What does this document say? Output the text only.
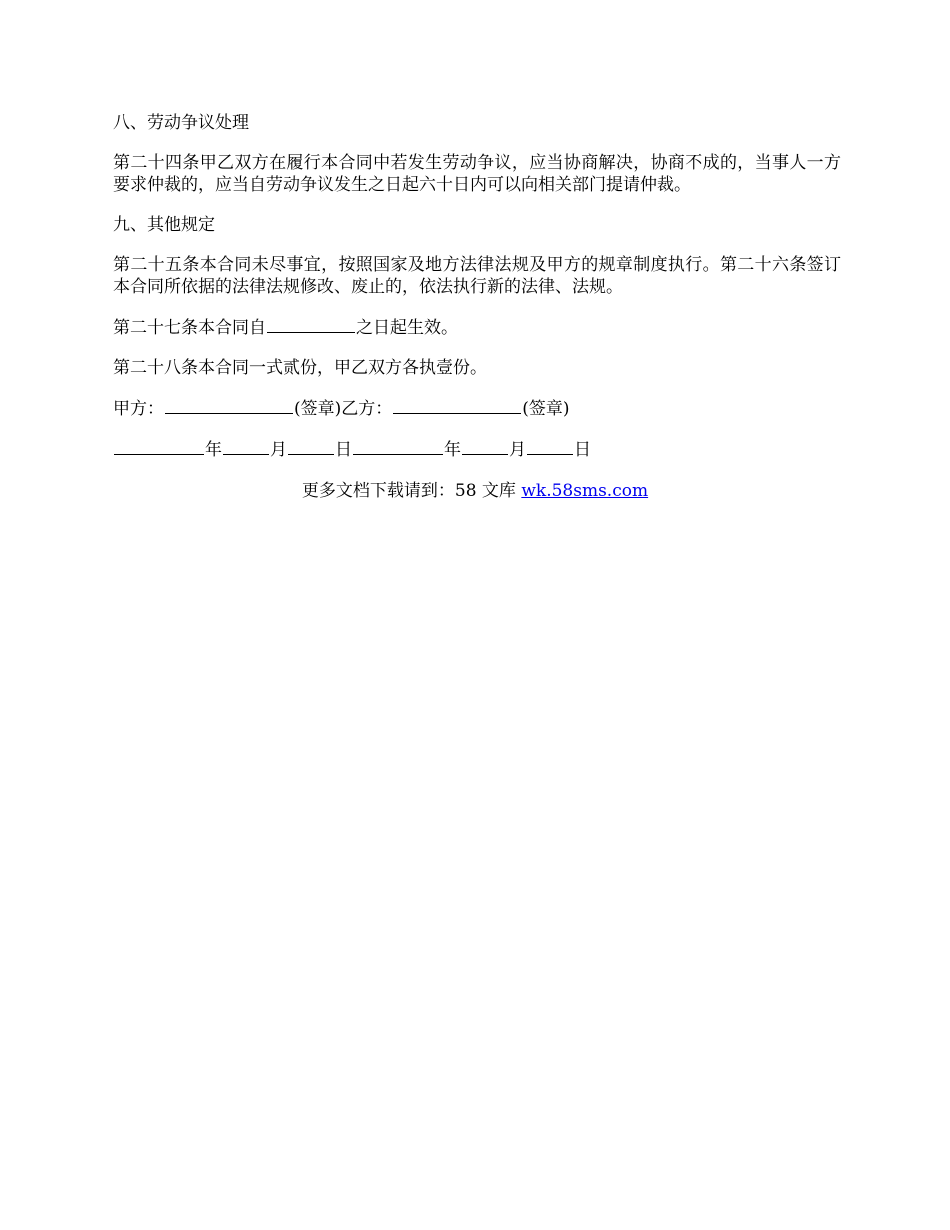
八、劳动争议处理

第二十四条甲乙双方在履行本合同中若发生劳动争议，应当协商解决，协商不成的，当事人一方要求仲裁的，应当自劳动争议发生之日起六十日内可以向相关部门提请仲裁。

九、其他规定

第二十五条本合同未尽事宜，按照国家及地方法律法规及甲方的规章制度执行。第二十六条签订本合同所依据的法律法规修改、废止的，依法执行新的法律、法规。

第二十七条本合同自	之日起生效。

第二十八条本合同一式贰份，甲乙双方各执壹份。

甲方：	(签章)乙方：	(签章)

年	月	日	年	月	日

更多文档下载请到：58 文库 wk.58sms.com
